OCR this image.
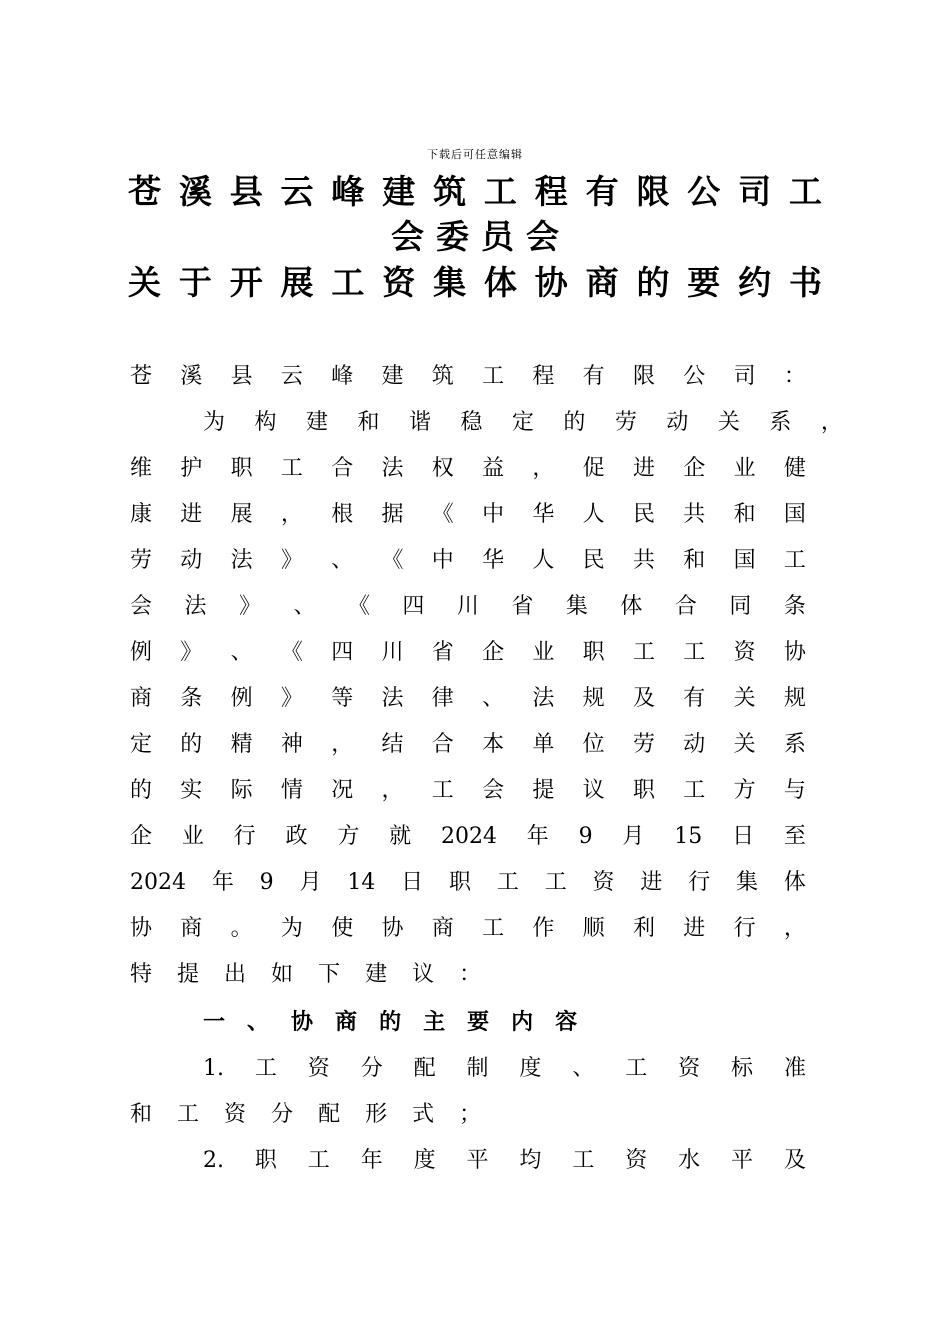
下载后可任意编辑
苍 溪 县 云 峰 建 筑 工 程 有 限 公 司 工
会 委 员 会
关 于 开 展 工 资 集 体 协 商 的 要 约 书
苍 溪 县 云 峰 建 筑 工 程 有 限 公 司 ：
为 构 建 和 谐 稳 定 的 劳 动 关 系 ，
维 护 职 工 合 法 权 益 ， 促 进 企 业 健
康 进 展 ， 根 据 《 中 华 人 民 共 和 国
劳 动 法 》 、 《 中 华 人 民 共 和 国 工
会 法 》 、 《 四 川 省 集 体 合 同 条
例 》 、 《 四 川 省 企 业 职 工 工 资 协
商 条 例 》 等 法 律 、 法 规 及 有 关 规
定 的 精 神 ， 结 合 本 单 位 劳 动 关 系
的 实 际 情 况 ， 工 会 提 议 职 工 方 与
企 业 行 政 方 就 2024 年 9 月 15 日 至
2024 年 9 月 14 日 职 工 工 资 进 行 集 体
协 商 。 为 使 协 商 工 作 顺 利 进 行 ，
特 提 出 如 下 建 议 ：
一 、 协 商 的 主 要 内 容
1. 工 资 分 配 制 度 、 工 资 标 准
和 工 资 分 配 形 式 ；
2. 职 工 年 度 平 均 工 资 水 平 及
